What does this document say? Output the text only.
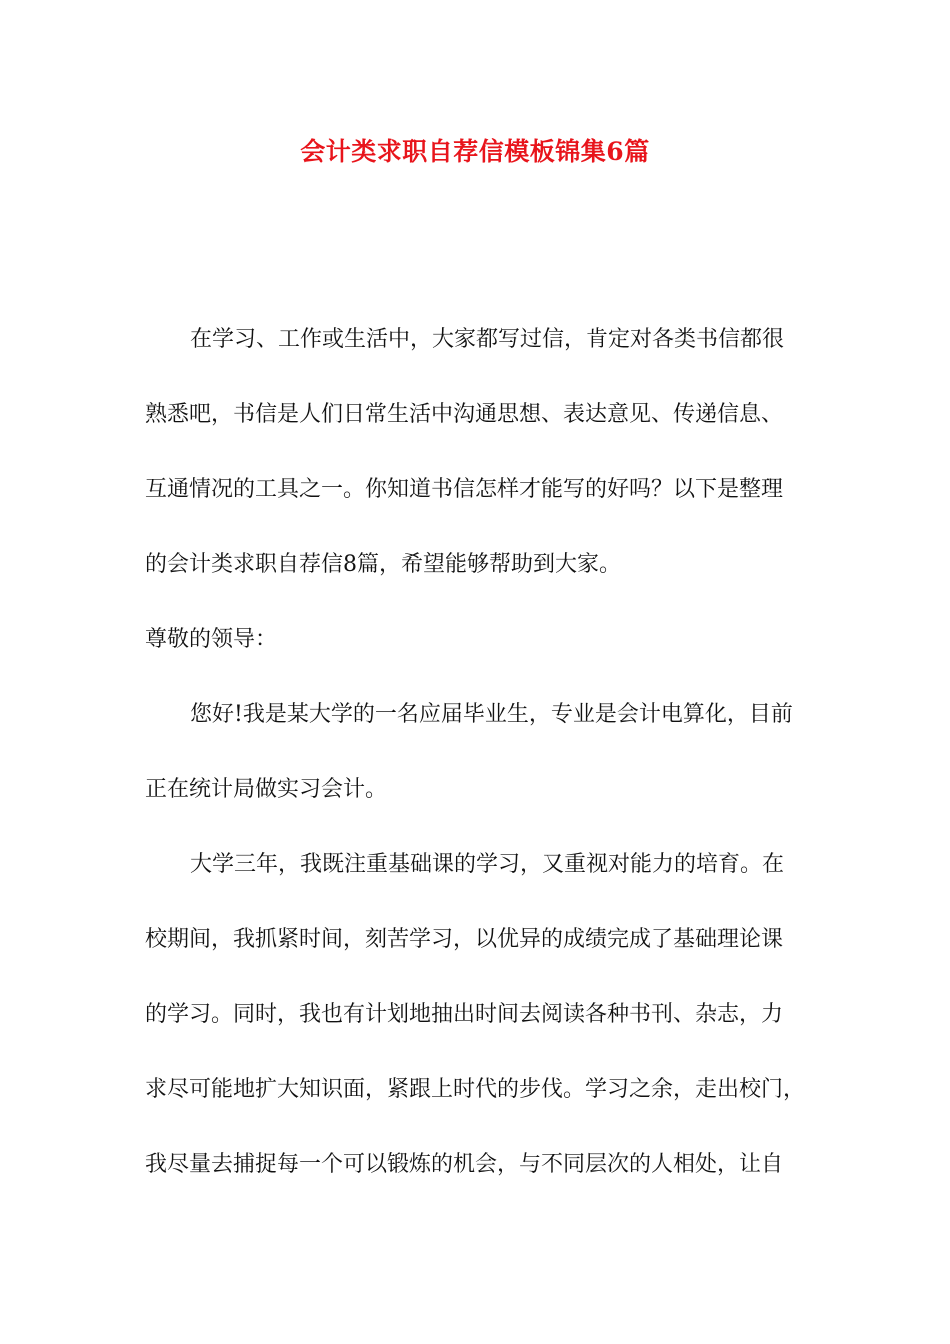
会计类求职自荐信模板锦集6篇
在学习、工作或生活中，大家都写过信，肯定对各类书信都很
熟悉吧，书信是人们日常生活中沟通思想、表达意见、传递信息、
互通情况的工具之一。你知道书信怎样才能写的好吗？以下是整理
的会计类求职自荐信8篇，希望能够帮助到大家。
尊敬的领导：
您好!我是某大学的一名应届毕业生，专业是会计电算化，目前
正在统计局做实习会计。
大学三年，我既注重基础课的学习，又重视对能力的培育。在
校期间，我抓紧时间，刻苦学习，以优异的成绩完成了基础理论课
的学习。同时，我也有计划地抽出时间去阅读各种书刊、杂志，力
求尽可能地扩大知识面，紧跟上时代的步伐。学习之余，走出校门，
我尽量去捕捉每一个可以锻炼的机会，与不同层次的人相处，让自
